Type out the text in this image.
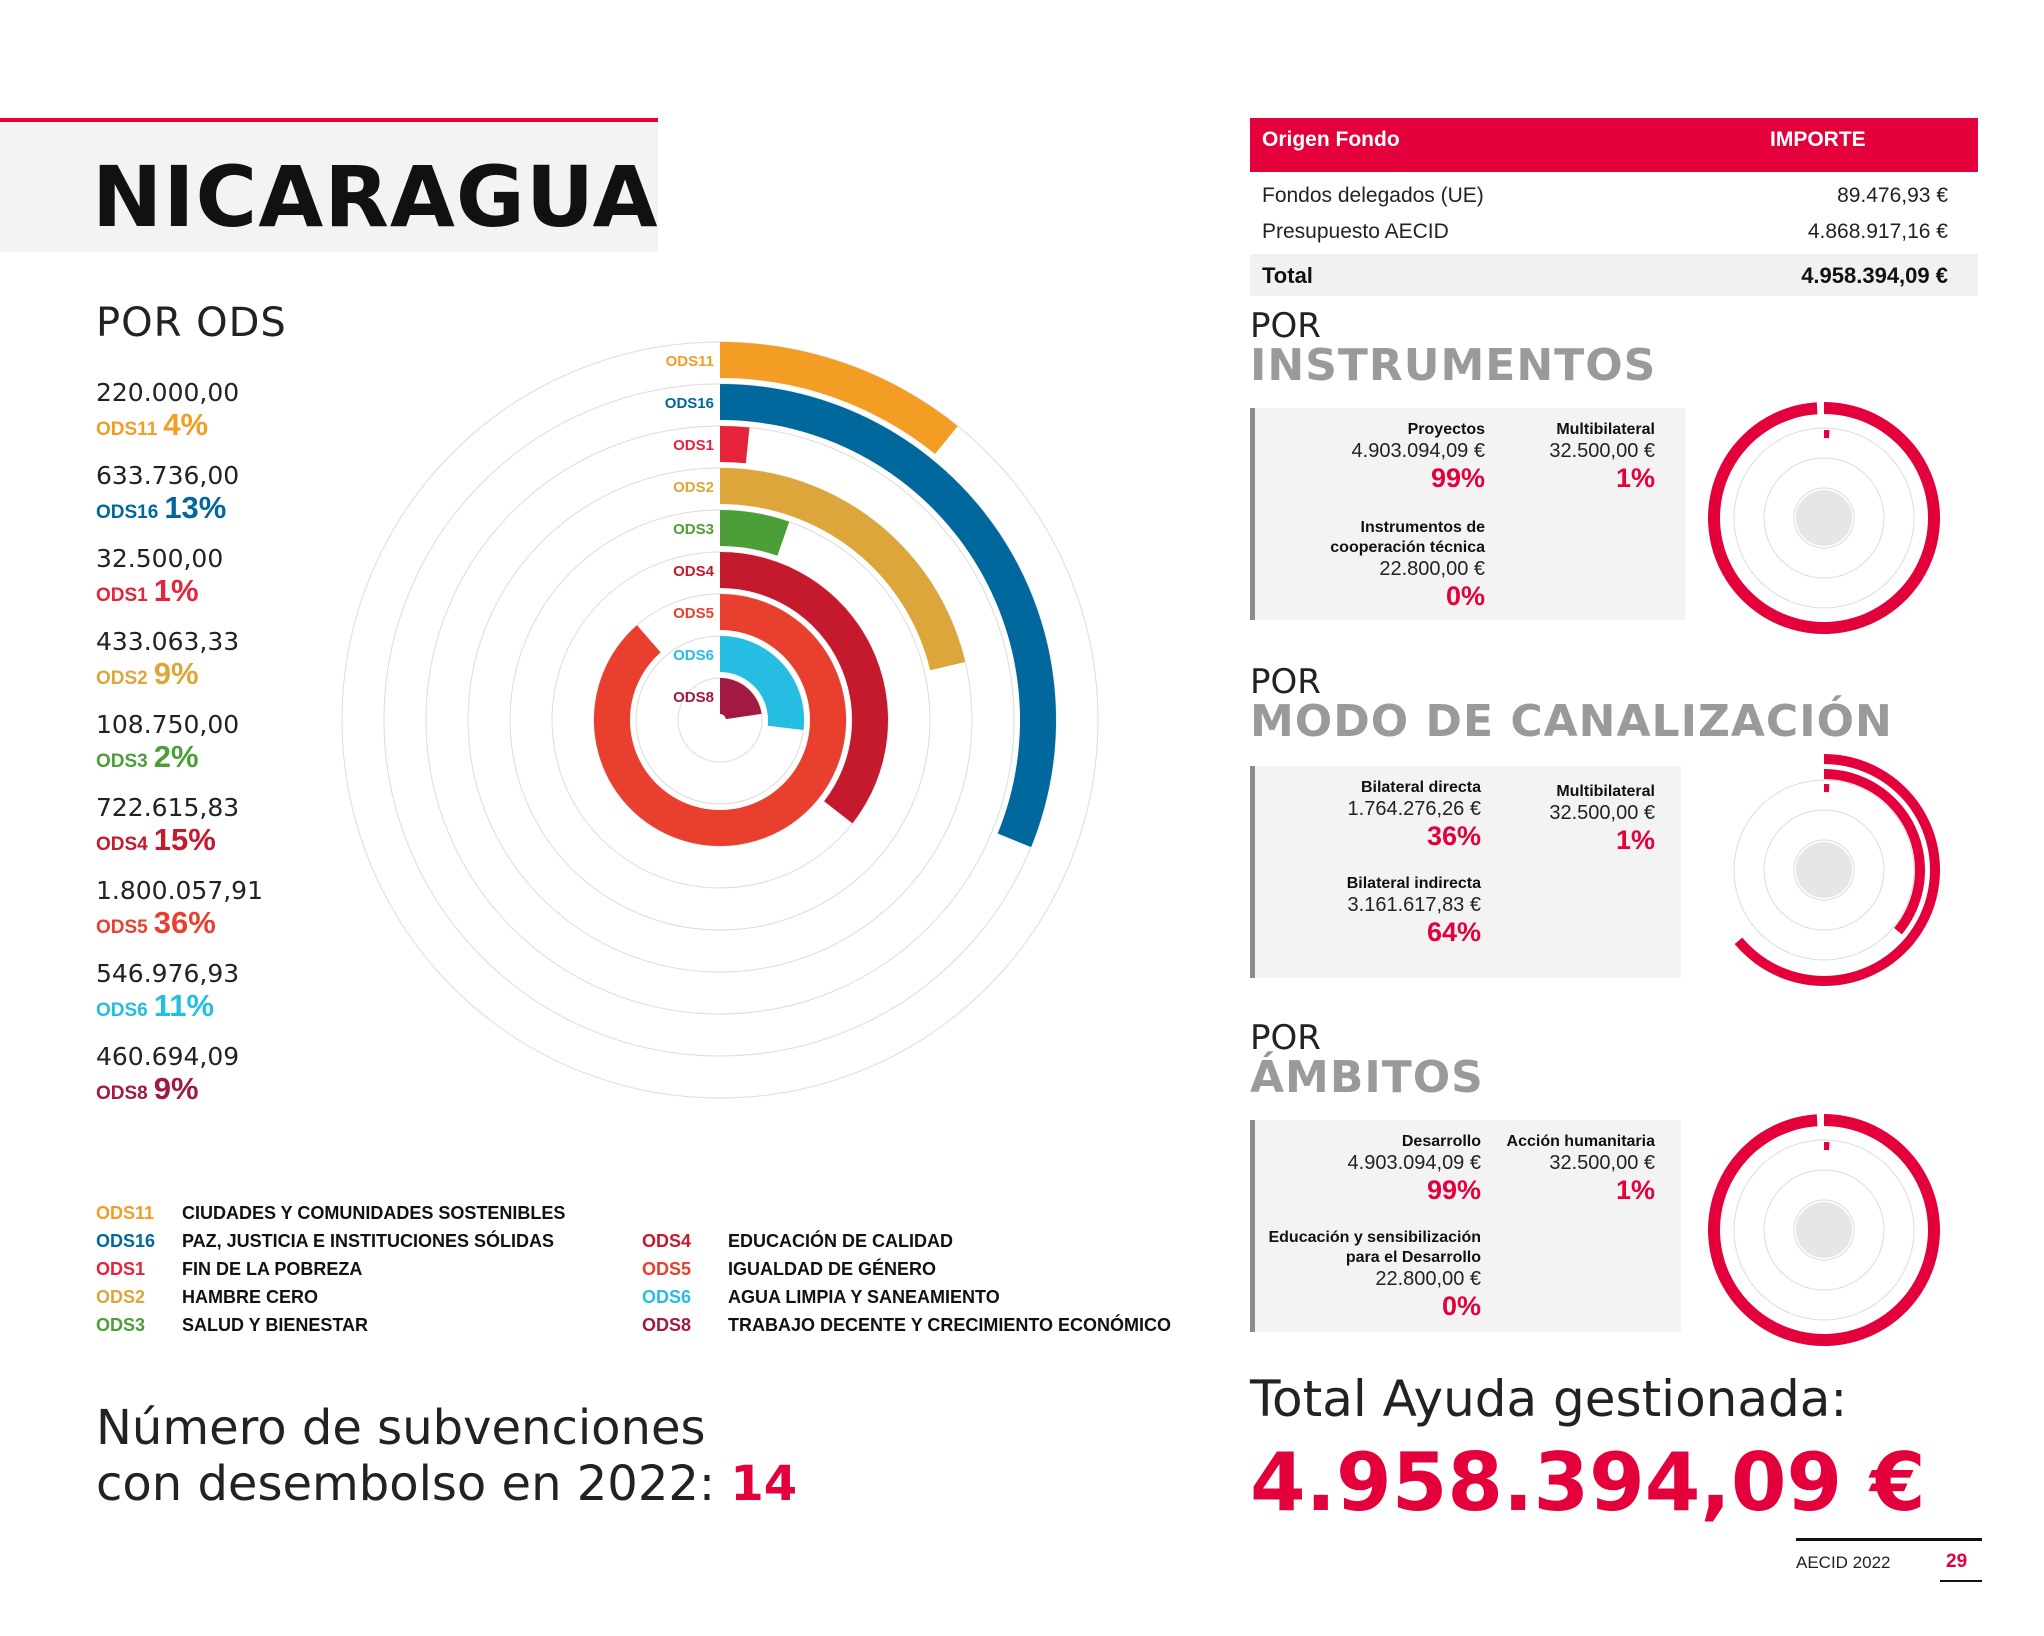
NICARAGUA
POR ODS
220.000,00
ODS11 4%
633.736,00
ODS16 13%
32.500,00
ODS1 1%
433.063,33
ODS2 9%
108.750,00
ODS3 2%
722.615,83
ODS4 15%
1.800.057,91
ODS5 36%
546.976,93
ODS6 11%
460.694,09
ODS8 9%
ODS11
ODS16
ODS1
ODS2
ODS3
ODS4
ODS5
ODS6
ODS8
ODS11 CIUDADES Y COMUNIDADES SOSTENIBLES
ODS16 PAZ, JUSTICIA E INSTITUCIONES SÓLIDAS
ODS1 FIN DE LA POBREZA
ODS2 HAMBRE CERO
ODS3 SALUD Y BIENESTAR
ODS4 EDUCACIÓN DE CALIDAD
ODS5 IGUALDAD DE GÉNERO
ODS6 AGUA LIMPIA Y SANEAMIENTO
ODS8 TRABAJO DECENTE Y CRECIMIENTO ECONÓMICO
Número de subvenciones
con desembolso en 2022: 14
Origen Fondo	IMPORTE
Fondos delegados (UE)	89.476,93 €
Presupuesto AECID	4.868.917,16 €
Total	4.958.394,09 €
POR
INSTRUMENTOS
Proyectos
4.903.094,09 €
99%
Multibilateral
32.500,00 €
1%
Instrumentos de
cooperación técnica
22.800,00 €
0%
POR
MODO DE CANALIZACIÓN
Bilateral directa
1.764.276,26 €
36%
Multibilateral
32.500,00 €
1%
Bilateral indirecta
3.161.617,83 €
64%
POR
ÁMBITOS
Desarrollo
4.903.094,09 €
99%
Acción humanitaria
32.500,00 €
1%
Educación y sensibilización
para el Desarrollo
22.800,00 €
0%
Total Ayuda gestionada:
4.958.394,09 €
AECID 2022	29
